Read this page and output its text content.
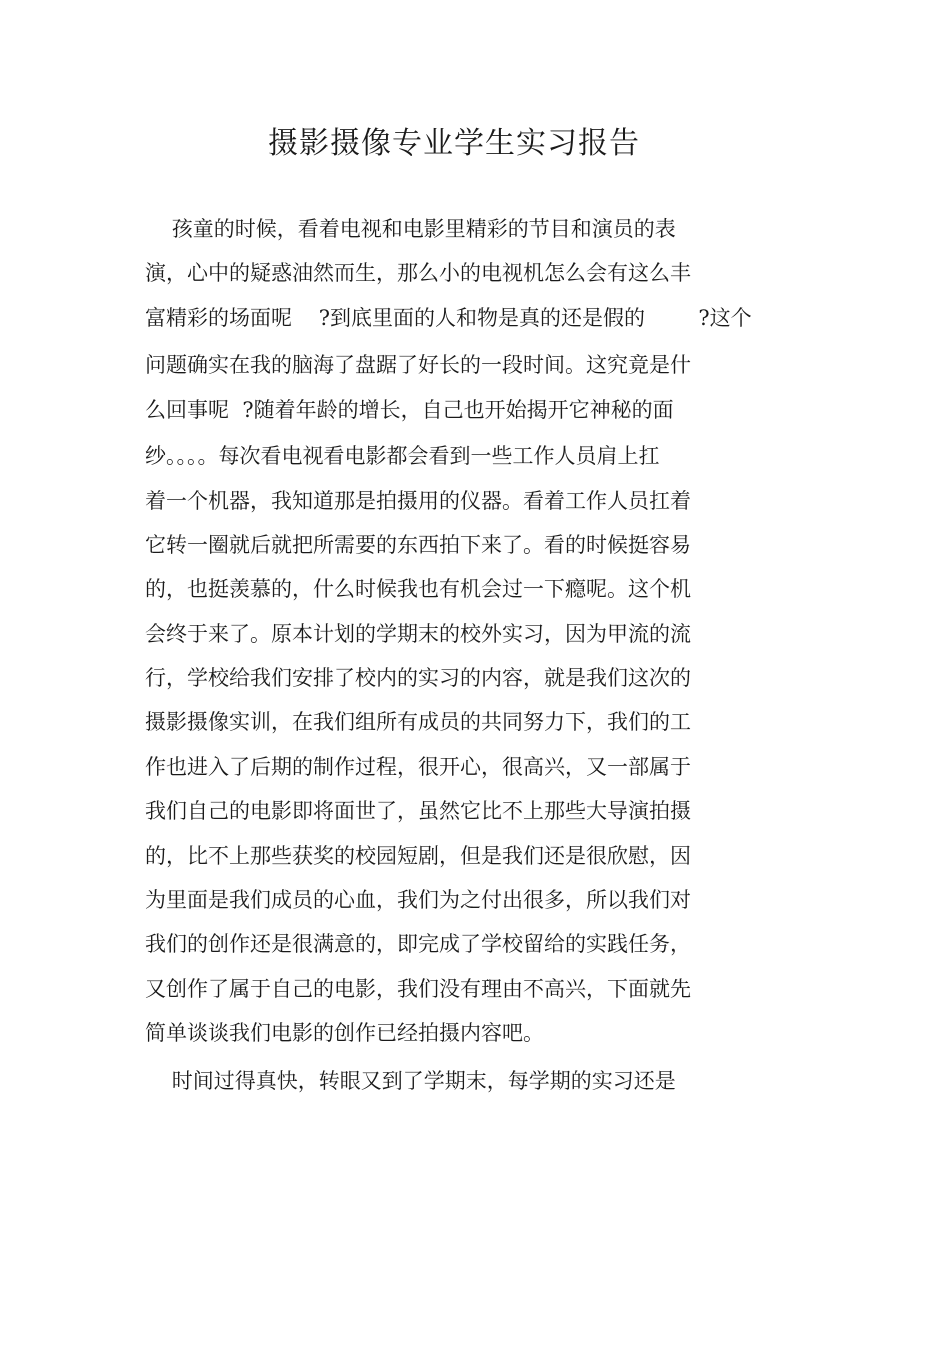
摄影摄像专业学生实习报告
孩童的时候，看着电视和电影里精彩的节目和演员的表
演，心中的疑惑油然而生，那么小的电视机怎么会有这么丰
富精彩的场面呢    ?到底里面的人和物是真的还是假的        ?这个
问题确实在我的脑海了盘踞了好长的一段时间。这究竟是什
么回事呢  ?随着年龄的增长，自己也开始揭开它神秘的面
纱。。。。每次看电视看电影都会看到一些工作人员肩上扛
着一个机器，我知道那是拍摄用的仪器。看着工作人员扛着
它转一圈就后就把所需要的东西拍下来了。看的时候挺容易
的，也挺羡慕的，什么时候我也有机会过一下瘾呢。这个机
会终于来了。原本计划的学期末的校外实习，因为甲流的流
行，学校给我们安排了校内的实习的内容，就是我们这次的
摄影摄像实训，在我们组所有成员的共同努力下，我们的工
作也进入了后期的制作过程，很开心，很高兴，又一部属于
我们自己的电影即将面世了，虽然它比不上那些大导演拍摄
的，比不上那些获奖的校园短剧，但是我们还是很欣慰，因
为里面是我们成员的心血，我们为之付出很多，所以我们对
我们的创作还是很满意的，即完成了学校留给的实践任务，
又创作了属于自己的电影，我们没有理由不高兴，下面就先
简单谈谈我们电影的创作已经拍摄内容吧。
时间过得真快，转眼又到了学期末，每学期的实习还是
